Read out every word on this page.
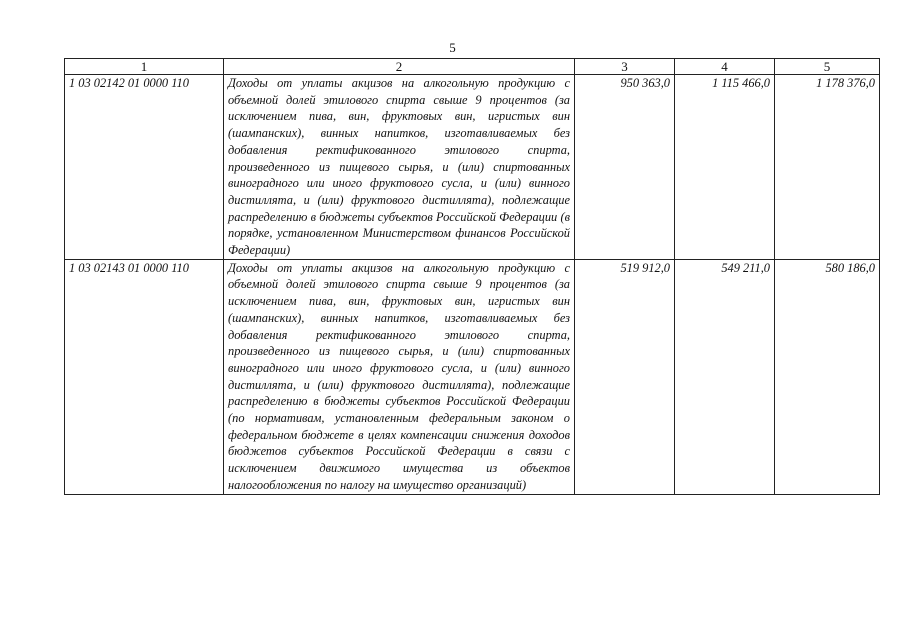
5
1	2	3	4	5
1 03 02142 01 0000 110	Доходы от уплаты акцизов на алкогольную продукцию с объемной долей этилового спирта свыше 9 процентов (за исключением пива, вин, фруктовых вин, игристых вин (шампанских), винных напитков, изготавливаемых без добавления ректификованного этилового спирта, произведенного из пищевого сырья, и (или) спиртованных виноградного или иного фруктового сусла, и (или) винного дистиллята, и (или) фруктового дистиллята), подлежащие распределению в бюджеты субъектов Российской Федерации (в порядке, установленном Министерством финансов Российской Федерации)	950 363,0	1 115 466,0	1 178 376,0
1 03 02143 01 0000 110	Доходы от уплаты акцизов на алкогольную продукцию с объемной долей этилового спирта свыше 9 процентов (за исключением пива, вин, фруктовых вин, игристых вин (шампанских), винных напитков, изготавливаемых без добавления ректификованного этилового спирта, произведенного из пищевого сырья, и (или) спиртованных виноградного или иного фруктового сусла, и (или) винного дистиллята, и (или) фруктового дистиллята), подлежащие распределению в бюджеты субъектов Российской Федерации (по нормативам, установленным федеральным законом о федеральном бюджете в целях компенсации снижения доходов бюджетов субъектов Российской Федерации в связи с исключением движимого имущества из объектов налогообложения по налогу на имущество организаций)	519 912,0	549 211,0	580 186,0
